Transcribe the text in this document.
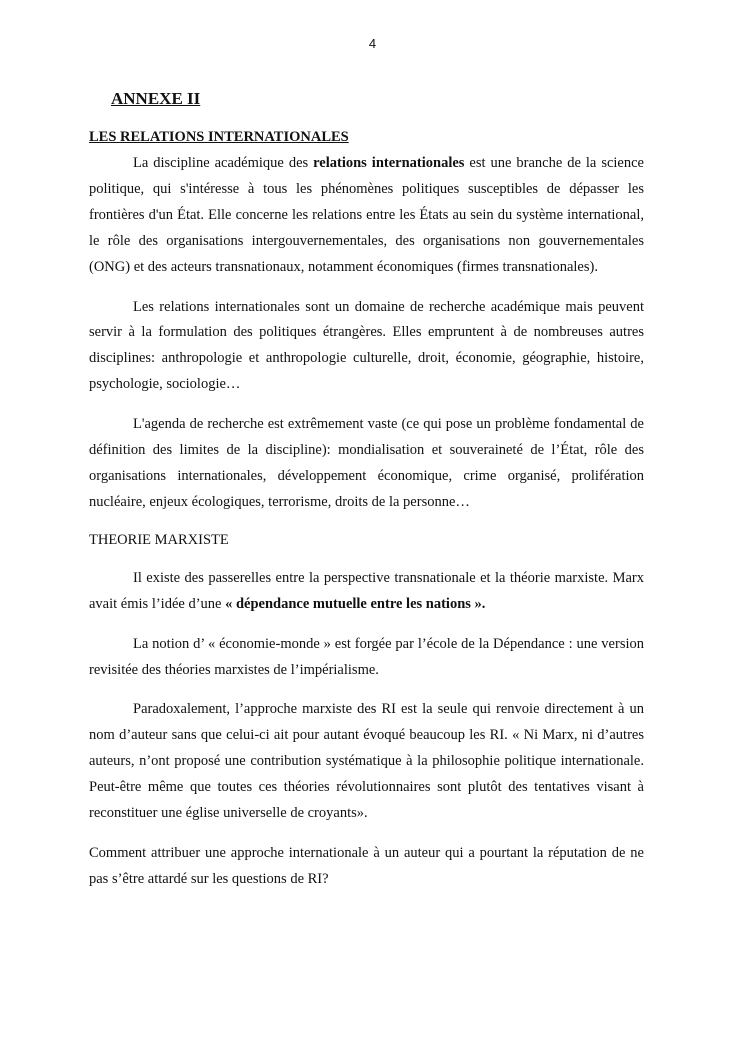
4
ANNEXE II
LES RELATIONS INTERNATIONALES

La discipline académique des relations internationales est une branche de la science politique, qui s'intéresse à tous les phénomènes politiques susceptibles de dépasser les frontières d'un État. Elle concerne les relations entre les États au sein du système international, le rôle des organisations intergouvernementales, des organisations non gouvernementales (ONG) et des acteurs transnationaux, notamment économiques (firmes transnationales).

Les relations internationales sont un domaine de recherche académique mais peuvent servir à la formulation des politiques étrangères. Elles empruntent à de nombreuses autres disciplines: anthropologie et anthropologie culturelle, droit, économie, géographie, histoire, psychologie, sociologie…

L'agenda de recherche est extrêmement vaste (ce qui pose un problème fondamental de définition des limites de la discipline): mondialisation et souveraineté de l’État, rôle des organisations internationales, développement économique, crime organisé, prolifération nucléaire, enjeux écologiques, terrorisme, droits de la personne…

THEORIE MARXISTE

Il existe des passerelles entre la perspective transnationale et la théorie marxiste. Marx avait émis l’idée d’une « dépendance mutuelle entre les nations ».

La notion d’ « économie-monde » est forgée par l’école de la Dépendance : une version revisitée des théories marxistes de l’impérialisme.

Paradoxalement, l’approche marxiste des RI est la seule qui renvoie directement à un nom d’auteur sans que celui-ci ait pour autant évoqué beaucoup les RI. « Ni Marx, ni d’autres auteurs, n’ont proposé une contribution systématique à la philosophie politique internationale. Peut-être même que toutes ces théories révolutionnaires sont plutôt des tentatives visant à reconstituer une église universelle de croyants».

Comment attribuer une approche internationale à un auteur qui a pourtant la réputation de ne pas s’être attardé sur les questions de RI?
